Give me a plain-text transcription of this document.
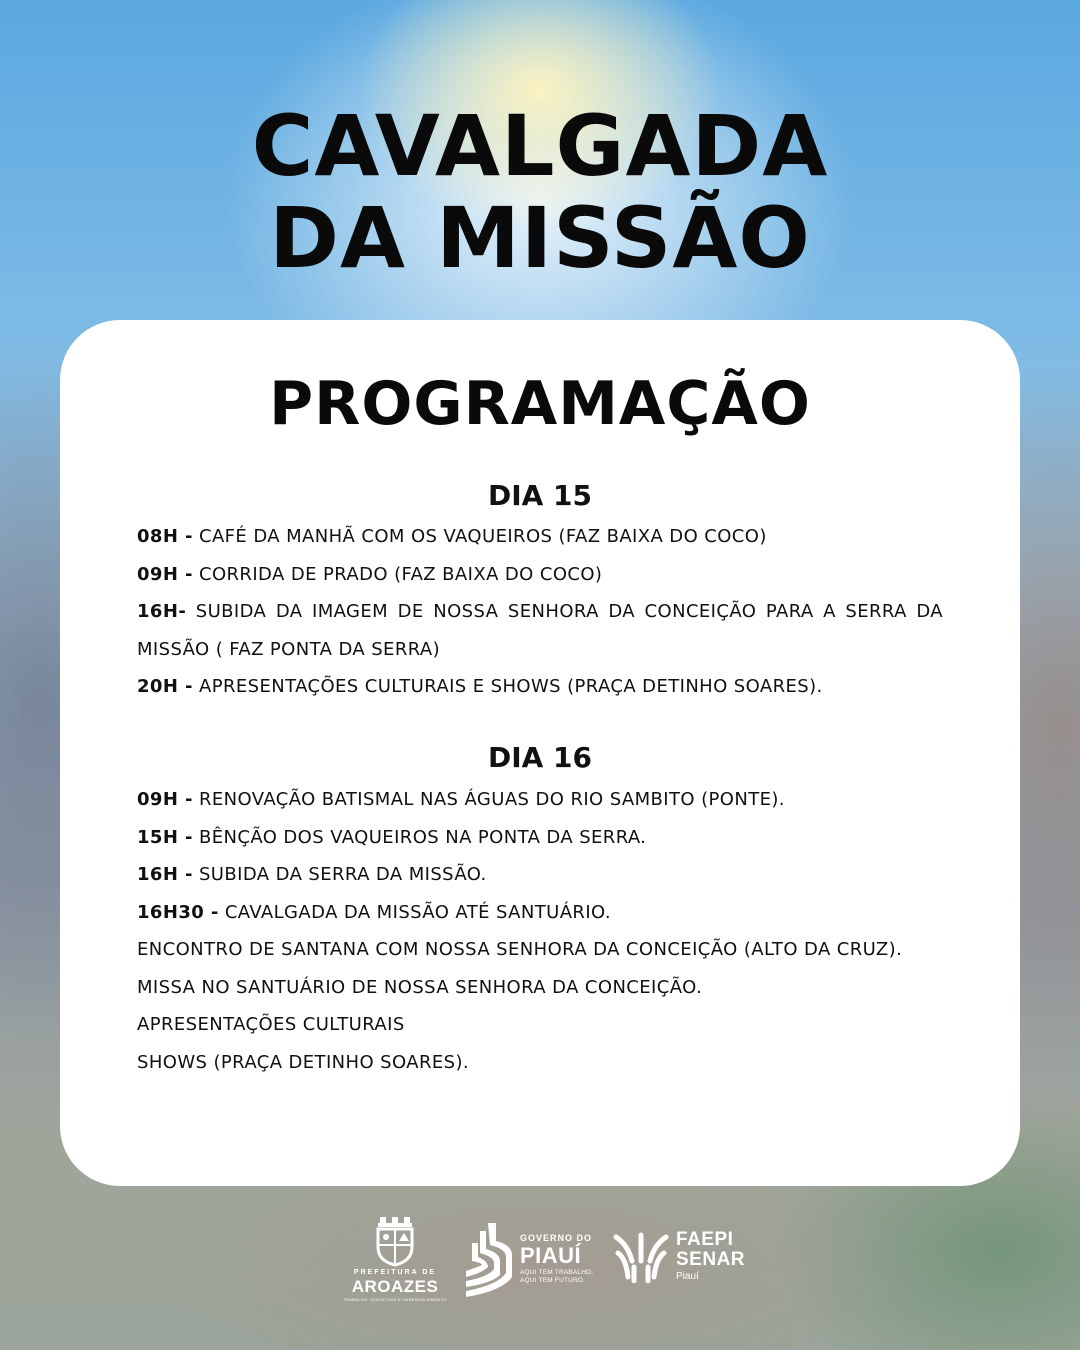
CAVALGADA
DA MISSÃO
PROGRAMAÇÃO
DIA 15

08H - CAFÉ DA MANHÃ COM OS VAQUEIROS (FAZ BAIXA DO COCO)

09H - CORRIDA DE PRADO (FAZ BAIXA DO COCO)

16H- SUBIDA DA IMAGEM DE NOSSA SENHORA DA CONCEIÇÃO PARA A SERRA DA MISSÃO ( FAZ PONTA DA SERRA)

20H - APRESENTAÇÕES CULTURAIS E SHOWS (PRAÇA DETINHO SOARES).

DIA 16

09H - RENOVAÇÃO BATISMAL NAS ÁGUAS DO RIO SAMBITO (PONTE).

15H - BÊNÇÃO DOS VAQUEIROS NA PONTA DA SERRA.

16H - SUBIDA DA SERRA DA MISSÃO.

16H30 - CAVALGADA DA MISSÃO ATÉ SANTUÁRIO.

ENCONTRO DE SANTANA COM NOSSA SENHORA DA CONCEIÇÃO (ALTO DA CRUZ).

MISSA NO SANTUÁRIO DE NOSSA SENHORA DA CONCEIÇÃO.

APRESENTAÇÕES CULTURAIS

SHOWS (PRAÇA DETINHO SOARES).

PREFEITURA DE
AROAZES
TRABALHO, JUVENTUDE E DESENVOLVIMENTO
GOVERNO DO
PIAUÍ
AQUI TEM TRABALHO.
AQUI TEM FUTURO.
FAEPI
SENAR
Piauí
